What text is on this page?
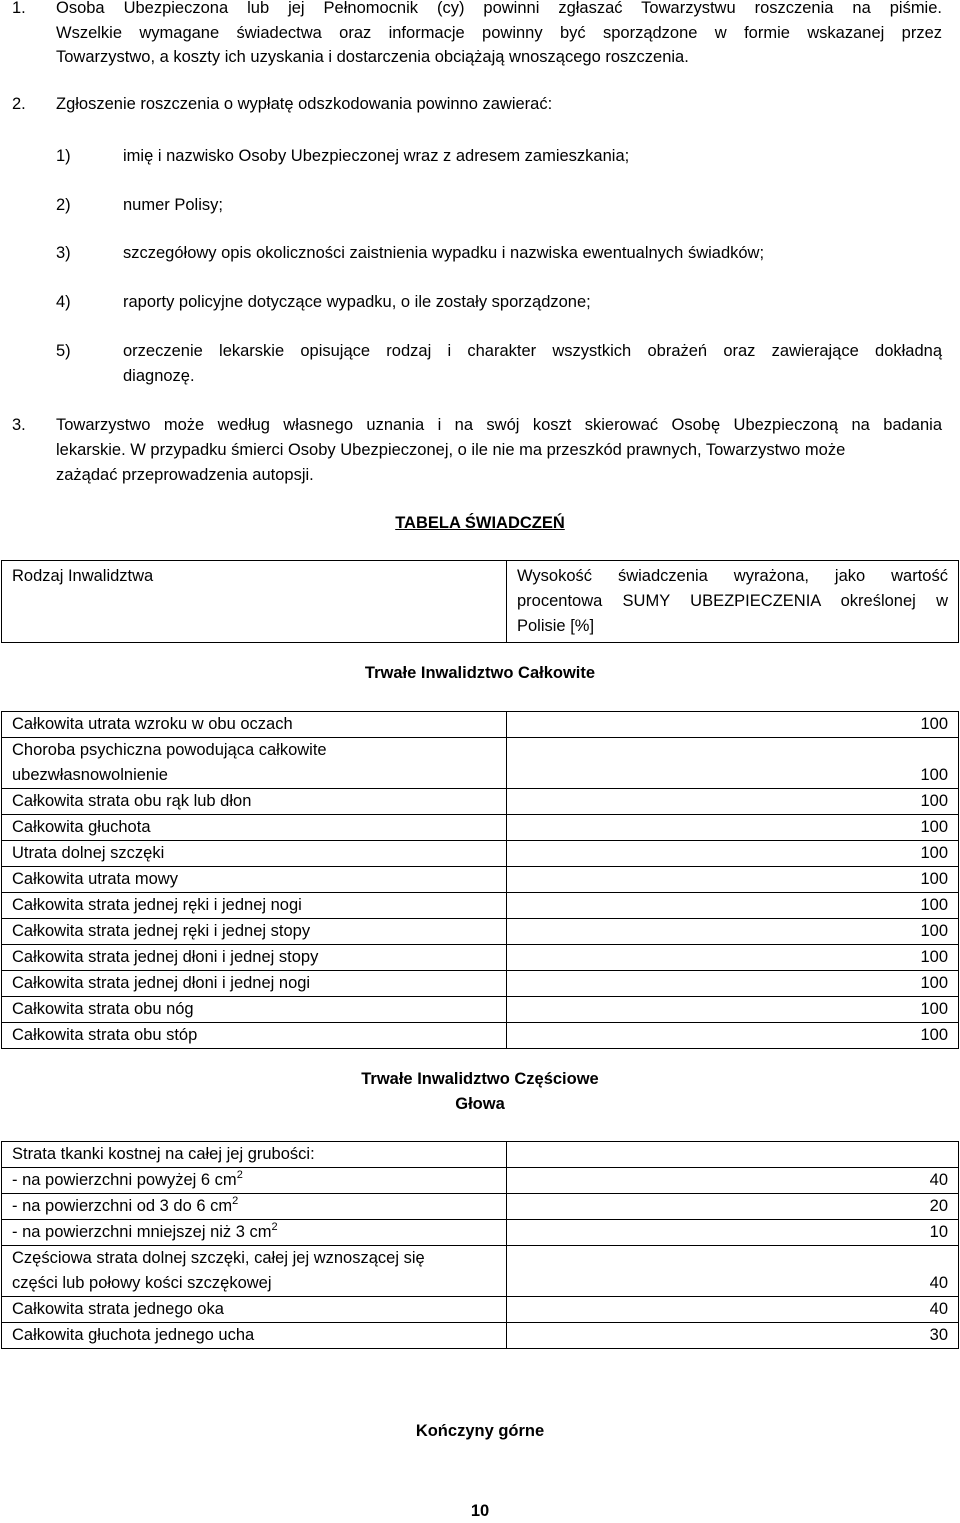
1. Osoba Ubezpieczona lub jej Pełnomocnik (cy) powinni zgłaszać Towarzystwu roszczenia na piśmie.
Wszelkie wymagane świadectwa oraz informacje powinny być sporządzone w formie wskazanej przez
Towarzystwo, a koszty ich uzyskania i dostarczenia obciążają wnoszącego roszczenia.
2. Zgłoszenie roszczenia o wypłatę odszkodowania powinno zawierać:
1)	imię i nazwisko Osoby Ubezpieczonej wraz z adresem zamieszkania;
2)	numer Polisy;
3)	szczegółowy opis okoliczności zaistnienia wypadku i nazwiska ewentualnych świadków;
4)	raporty policyjne dotyczące wypadku, o ile zostały sporządzone;
5)	orzeczenie lekarskie opisujące rodzaj i charakter wszystkich obrażeń oraz zawierające dokładną
diagnozę.
3. Towarzystwo może według własnego uznania i na swój koszt skierować Osobę Ubezpieczoną na badania
lekarskie. W przypadku śmierci Osoby Ubezpieczonej, o ile nie ma przeszkód prawnych, Towarzystwo może
zażądać przeprowadzenia autopsji.
TABELA ŚWIADCZEŃ
Rodzaj Inwalidztwa	Wysokość świadczenia wyrażona, jako wartość
procentowa SUMY UBEZPIECZENIA określonej w
Polisie [%]
Trwałe Inwalidztwo Całkowite
Całkowita utrata wzroku w obu oczach	100

Choroba psychiczna powodująca całkowite
ubezwłasnowolnienie	100
Całkowita strata obu rąk lub dłon	100
Całkowita głuchota	100
Utrata dolnej szczęki	100
Całkowita utrata mowy	100
Całkowita strata jednej ręki i jednej nogi	100
Całkowita strata jednej ręki i jednej stopy	100
Całkowita strata jednej dłoni i jednej stopy	100
Całkowita strata jednej dłoni i jednej nogi	100
Całkowita strata obu nóg	100
Całkowita strata obu stóp	100
Trwałe Inwalidztwo Częściowe
Głowa
Strata tkanki kostnej na całej jej grubości:	
- na powierzchni powyżej 6 $cm^2$	40
- na powierzchni od 3 do 6 $cm^2$	20
- na powierzchni mniejszej niż 3 $cm^2$	10

Częściowa strata dolnej szczęki, całej jej wznoszącej się
części lub połowy kości szczękowej	40
Całkowita strata jednego oka	40
Całkowita głuchota jednego ucha	30
Kończyny górne
10
